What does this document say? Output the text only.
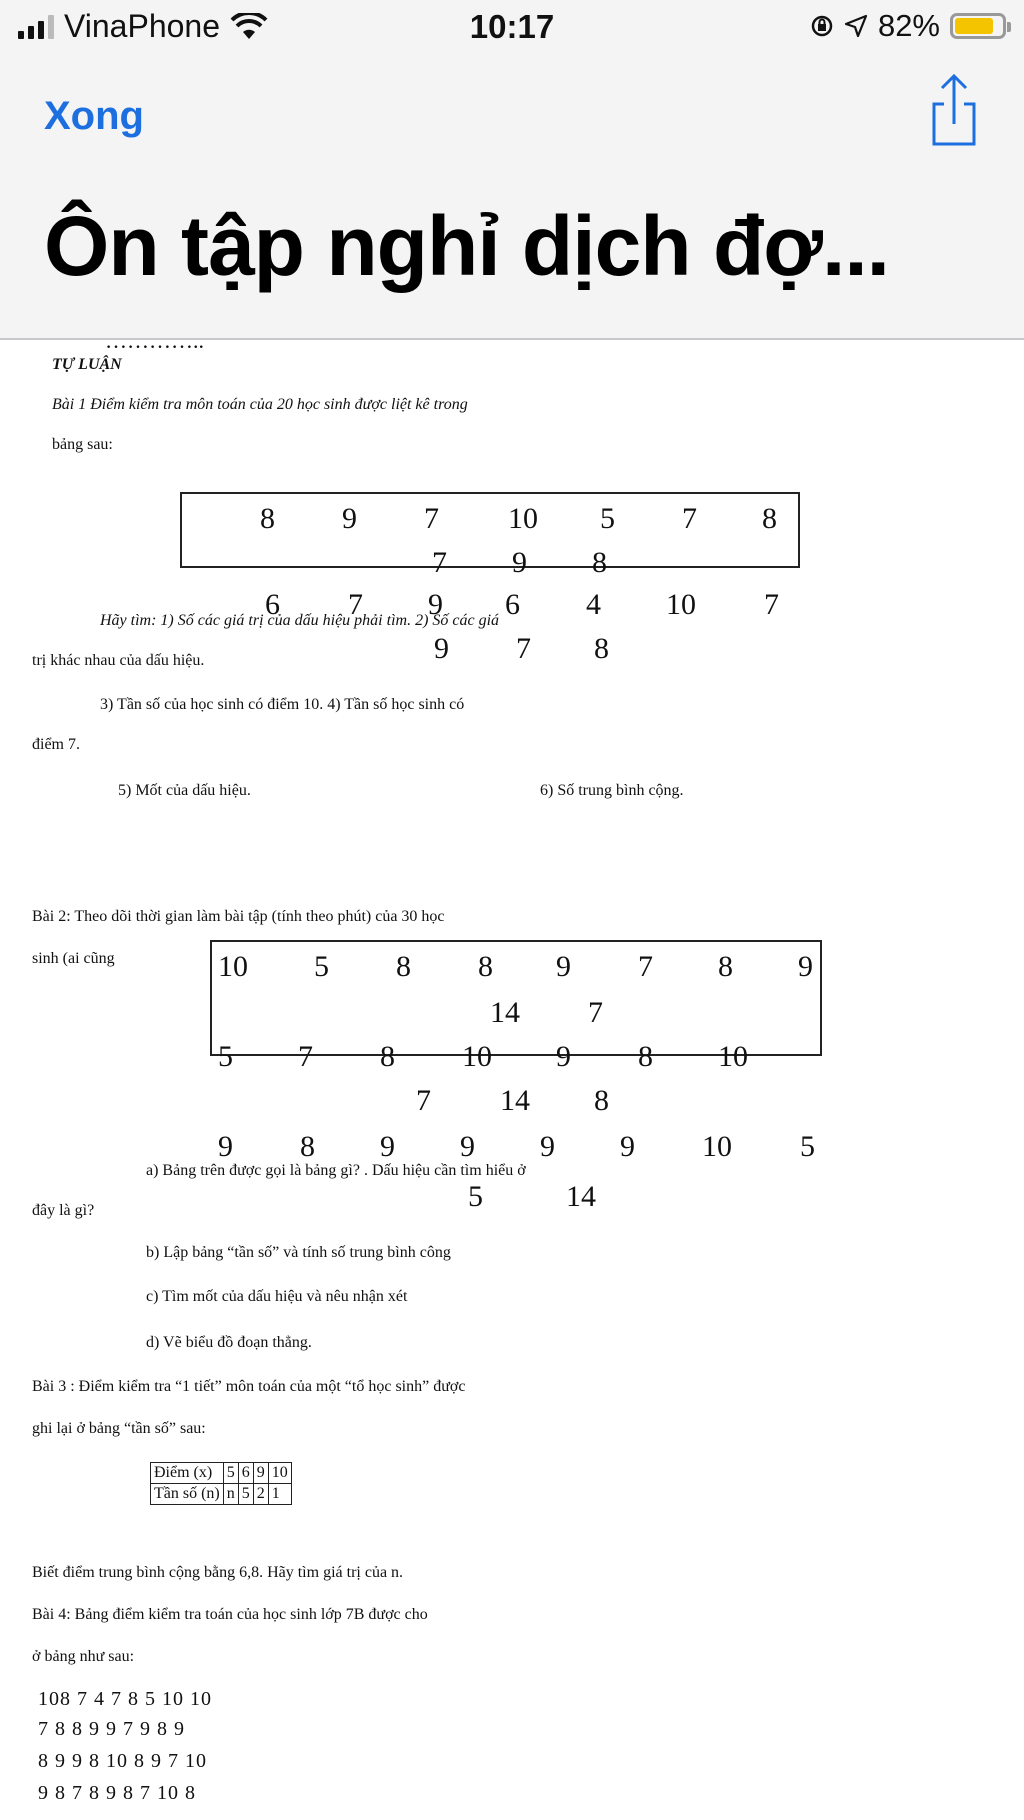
VinaPhone	10:17	82%
Xong
Ôn tập nghỉ dịch đợ...
…………..
TỰ LUẬN
Bài 1 Điểm kiểm tra môn toán của 20 học sinh được liệt kê trong
bảng sau:
8 9 7 10 5 7 8
7 9 8
6 7 9 6 4 10 7
9 7 8
Hãy tìm: 1) Số các giá trị của dấu hiệu phải tìm. 2) Số các giá
trị khác nhau của dấu hiệu.
3) Tần số của học sinh có điểm 10. 4) Tần số học sinh có
điểm 7.
5) Mốt của dấu hiệu.	6) Số trung bình cộng.
Bài 2: Theo dõi thời gian làm bài tập (tính theo phút) của 30 học
sinh (ai cũng	10 5 8 8 9 7 8 9
14 7
5 7 8 10 9 8 10
7 14 8
9 8 9 9 9 9 10 5
5	14
a) Bảng trên được gọi là bảng gì? . Dấu hiệu cần tìm hiểu ở
đây là gì?
b) Lập bảng “tần số” và tính số trung bình công
c) Tìm mốt của dấu hiệu và nêu nhận xét
d) Vẽ biểu đồ đoạn thẳng.
Bài 3 : Điểm kiểm tra “1 tiết” môn toán của một “tổ học sinh” được
ghi lại ở bảng “tần số” sau:
Điểm (x)	5	6	9	10
Tần số (n)	n	5	2	1
Biết điểm trung bình cộng bằng 6,8. Hãy tìm giá trị của n.
Bài 4: Bảng điểm kiểm tra toán của học sinh lớp 7B được cho
ở bảng như sau:
108 7 4 7 8 5 10 10
7 8 8 9 9 7 9 8 9
8 9 9 8 10 8 9 7 10
9 8 7 8 9 8 7 10 8
